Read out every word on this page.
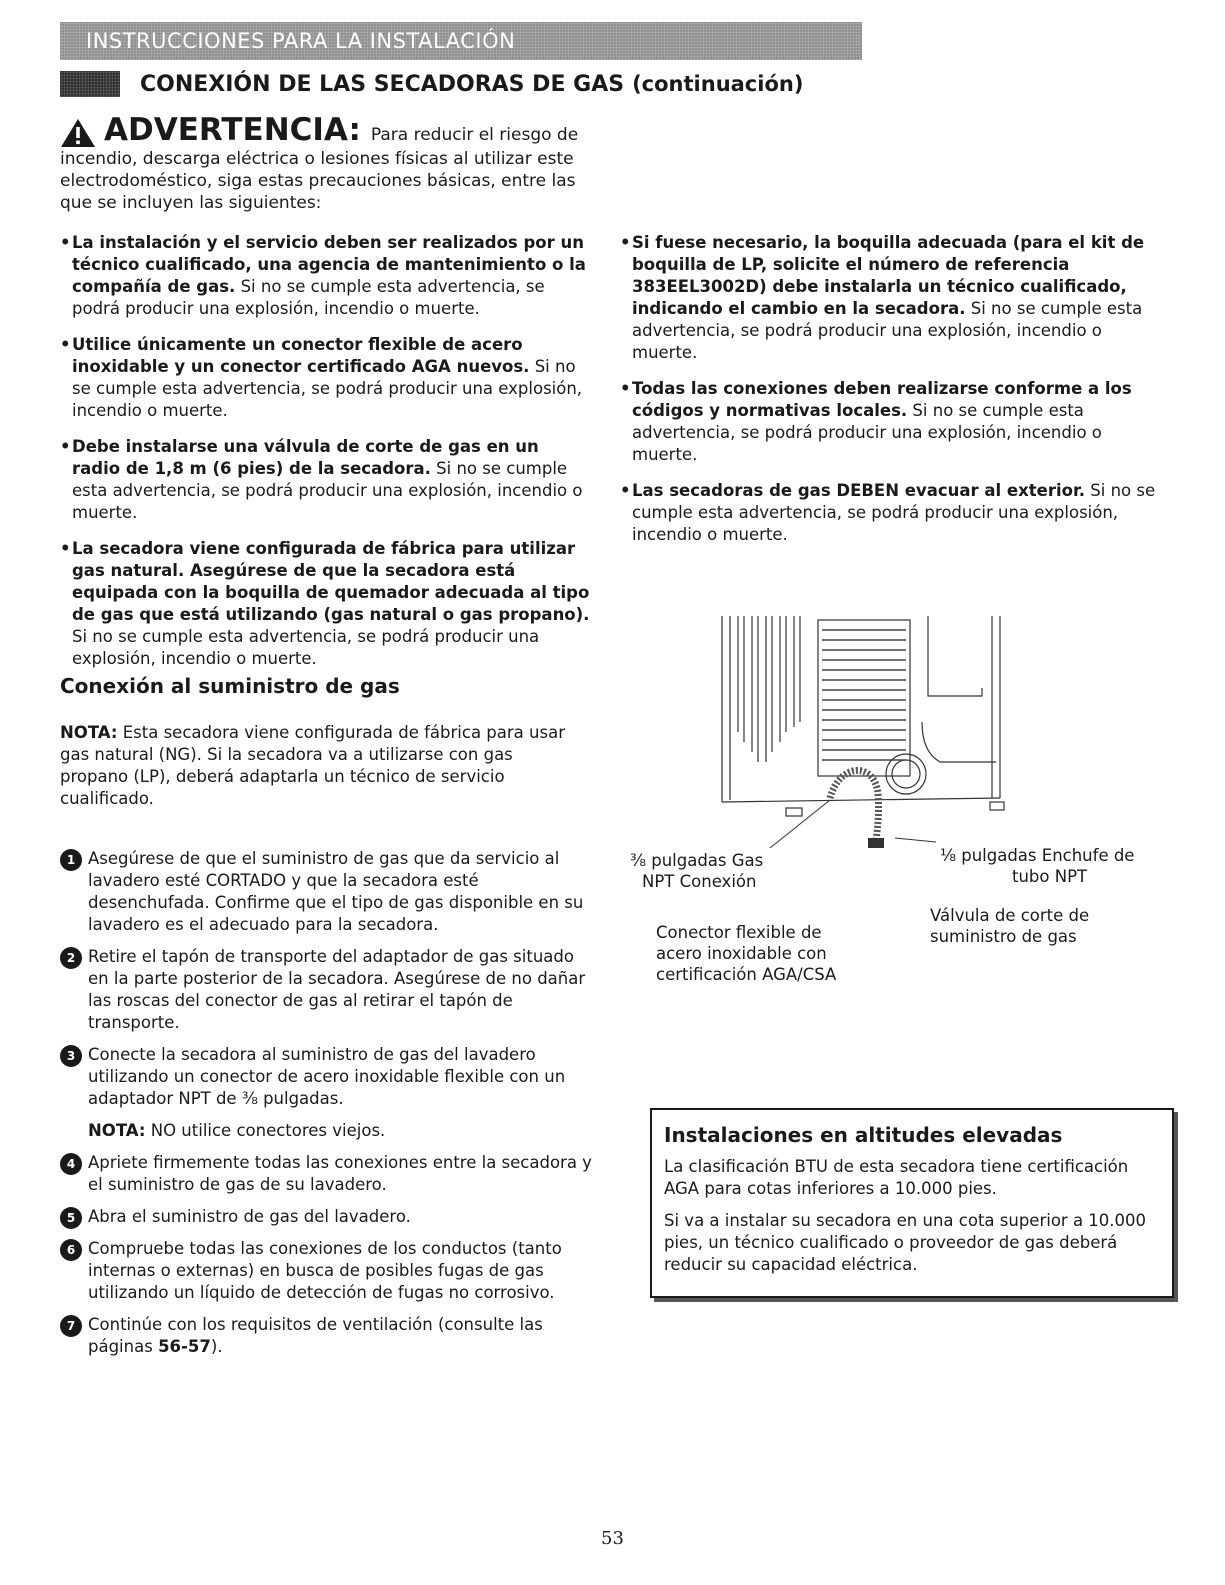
INSTRUCCIONES PARA LA INSTALACIÓN
CONEXIÓN DE LAS SECADORAS DE GAS (continuación)
ADVERTENCIA: Para reducir el riesgo de
incendio, descarga eléctrica o lesiones físicas al utilizar este electrodoméstico, siga estas precauciones básicas, entre las que se incluyen las siguientes:
• La instalación y el servicio deben ser realizados por un técnico cualificado, una agencia de mantenimiento o la compañía de gas. Si no se cumple esta advertencia, se podrá producir una explosión, incendio o muerte.
• Utilice únicamente un conector flexible de acero inoxidable y un conector certificado AGA nuevos. Si no se cumple esta advertencia, se podrá producir una explosión, incendio o muerte.
• Debe instalarse una válvula de corte de gas en un radio de 1,8 m (6 pies) de la secadora. Si no se cumple esta advertencia, se podrá producir una explosión, incendio o muerte.
• La secadora viene configurada de fábrica para utilizar gas natural. Asegúrese de que la secadora está equipada con la boquilla de quemador adecuada al tipo de gas que está utilizando (gas natural o gas propano). Si no se cumple esta advertencia, se podrá producir una explosión, incendio o muerte.
• Si fuese necesario, la boquilla adecuada (para el kit de boquilla de LP, solicite el número de referencia 383EEL3002D) debe instalarla un técnico cualificado, indicando el cambio en la secadora. Si no se cumple esta advertencia, se podrá producir una explosión, incendio o muerte.
• Todas las conexiones deben realizarse conforme a los códigos y normativas locales. Si no se cumple esta advertencia, se podrá producir una explosión, incendio o muerte.
• Las secadoras de gas DEBEN evacuar al exterior. Si no se cumple esta advertencia, se podrá producir una explosión, incendio o muerte.
Conexión al suministro de gas
NOTA: Esta secadora viene configurada de fábrica para usar gas natural (NG). Si la secadora va a utilizarse con gas propano (LP), deberá adaptarla un técnico de servicio cualificado.
1 Asegúrese de que el suministro de gas que da servicio al lavadero esté CORTADO y que la secadora esté desenchufada. Confirme que el tipo de gas disponible en su lavadero es el adecuado para la secadora.
2 Retire el tapón de transporte del adaptador de gas situado en la parte posterior de la secadora. Asegúrese de no dañar las roscas del conector de gas al retirar el tapón de transporte.
3 Conecte la secadora al suministro de gas del lavadero utilizando un conector de acero inoxidable flexible con un adaptador NPT de ⅜ pulgadas.
NOTA: NO utilice conectores viejos.
4 Apriete firmemente todas las conexiones entre la secadora y el suministro de gas de su lavadero.
5 Abra el suministro de gas del lavadero.
6 Compruebe todas las conexiones de los conductos (tanto internas o externas) en busca de posibles fugas de gas utilizando un líquido de detección de fugas no corrosivo.
7 Continúe con los requisitos de ventilación (consulte las páginas 56-57).
⅜ pulgadas Gas
NPT Conexión
⅛ pulgadas Enchufe de
tubo NPT
Válvula de corte de
suministro de gas
Conector flexible de
acero inoxidable con
certificación AGA/CSA
Instalaciones en altitudes elevadas

La clasificación BTU de esta secadora tiene certificación AGA para cotas inferiores a 10.000 pies.

Si va a instalar su secadora en una cota superior a 10.000 pies, un técnico cualificado o proveedor de gas deberá reducir su capacidad eléctrica.

53
